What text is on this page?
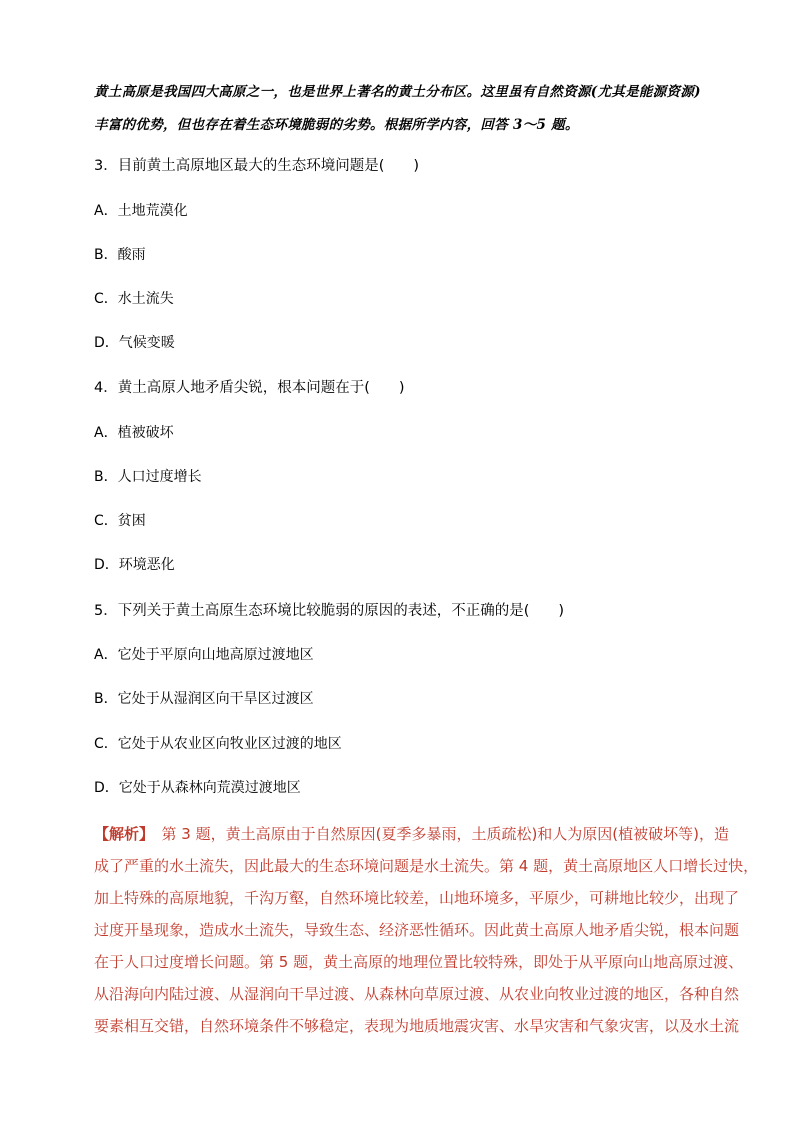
黄土高原是我国四大高原之一，也是世界上著名的黄土分布区。这里虽有自然资源(尤其是能源资源)
丰富的优势，但也存在着生态环境脆弱的劣势。根据所学内容，回答 3～5 题。
3．目前黄土高原地区最大的生态环境问题是(　　)
A．土地荒漠化
B．酸雨
C．水土流失
D．气候变暖
4．黄土高原人地矛盾尖锐，根本问题在于(　　)
A．植被破坏
B．人口过度增长
C．贫困
D．环境恶化
5．下列关于黄土高原生态环境比较脆弱的原因的表述，不正确的是(　　)
A．它处于平原向山地高原过渡地区
B．它处于从湿润区向干旱区过渡区
C．它处于从农业区向牧业区过渡的地区
D．它处于从森林向荒漠过渡地区
【解析】　第 3 题，黄土高原由于自然原因(夏季多暴雨，土质疏松)和人为原因(植被破坏等)，造
成了严重的水土流失，因此最大的生态环境问题是水土流失。第 4 题，黄土高原地区人口增长过快，
加上特殊的高原地貌，千沟万壑，自然环境比较差，山地环境多，平原少，可耕地比较少，出现了
过度开垦现象，造成水土流失，导致生态、经济恶性循环。因此黄土高原人地矛盾尖锐，根本问题
在于人口过度增长问题。第 5 题，黄土高原的地理位置比较特殊，即处于从平原向山地高原过渡、
从沿海向内陆过渡、从湿润向干旱过渡、从森林向草原过渡、从农业向牧业过渡的地区，各种自然
要素相互交错，自然环境条件不够稳定，表现为地质地震灾害、水旱灾害和气象灾害，以及水土流
